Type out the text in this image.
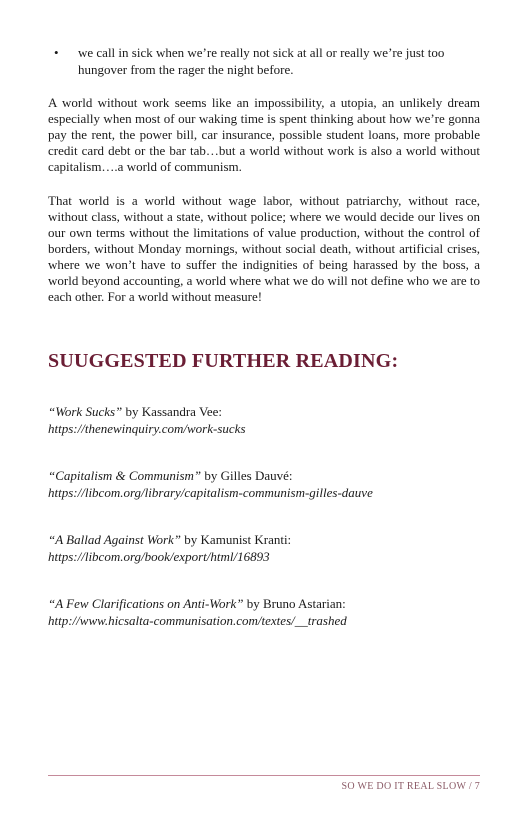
• we call in sick when we’re really not sick at all or really we’re just too hungover from the rager the night before.

A world without work seems like an impossibility, a utopia, an unlikely dream especially when most of our waking time is spent thinking about how we’re gonna pay the rent, the power bill, car insurance, possible student loans, more probable credit card debt or the bar tab…but a world without work is also a world without capitalism….a world of communism.

That world is a world without wage labor, without patriarchy, without race, without class, without a state, without police; where we would decide our lives on our own terms without the limitations of value production, without the control of borders, without Monday mornings, without social death, without artificial crises, where we won’t have to suffer the indignities of being harassed by the boss, a world beyond accounting, a world where what we do will not define who we are to each other. For a world without measure!

SUUGGESTED FURTHER READING:
“Work Sucks” by Kassandra Vee:
https://thenewinquiry.com/work-sucks
“Capitalism & Communism” by Gilles Dauvé:
https://libcom.org/library/capitalism-communism-gilles-dauve
“A Ballad Against Work” by Kamunist Kranti:
https://libcom.org/book/export/html/16893
“A Few Clarifications on Anti-Work” by Bruno Astarian:
http://www.hicsalta-communisation.com/textes/__trashed
SO WE DO IT REAL SLOW / 7
